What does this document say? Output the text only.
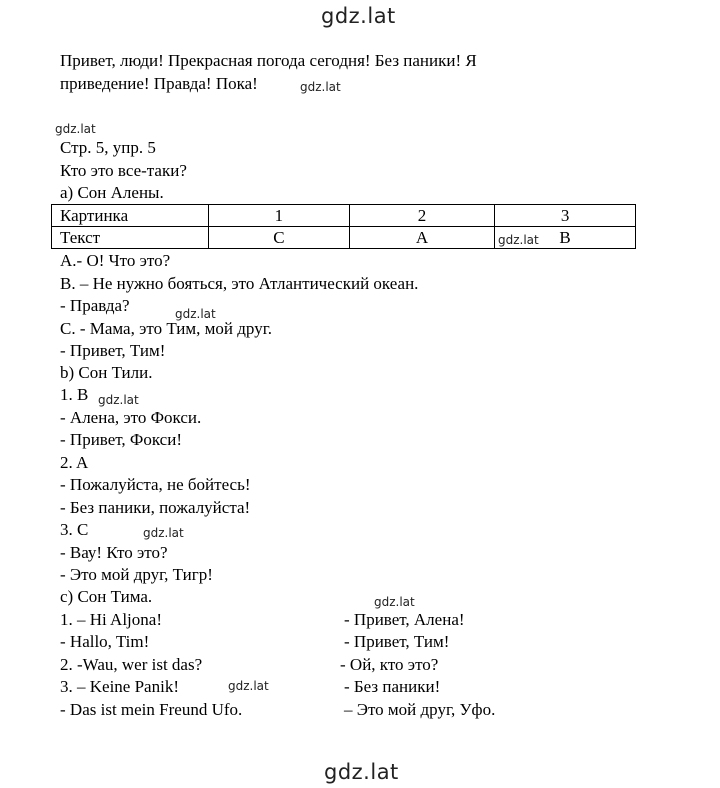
gdz.lat
gdz.lat
gdz.lat
gdz.lat
gdz.lat
gdz.lat
gdz.lat
gdz.lat
gdz.lat
gdz.lat
Привет, люди! Прекрасная погода сегодня! Без паники! Я
приведение! Правда! Пока!
Стр. 5, упр. 5
Кто это все-таки?
a) Сон Алены.
Картинка	1	2	3
Текст	C	A	B
A.- O! Что это?
B. – Не нужно бояться, это Атлантический океан.
- Правда?
C. - Мама, это Тим, мой друг.
- Привет, Тим!
b) Сон Тили.
1. B
- Алена, это Фокси.
- Привет, Фокси!
2. A
- Пожалуйста, не бойтесь!
- Без паники, пожалуйста!
3. C
- Вау! Кто это?
- Это мой друг, Тигр!
c) Сон Тима.
1. – Hi Aljona!	- Привет, Алена!
- Hallo, Tim!	- Привет, Тим!
2. -Wau, wer ist das?	- Ой, кто это?
3. – Keine Panik!	- Без паники!
- Das ist mein Freund Ufo.	– Это мой друг, Уфо.
